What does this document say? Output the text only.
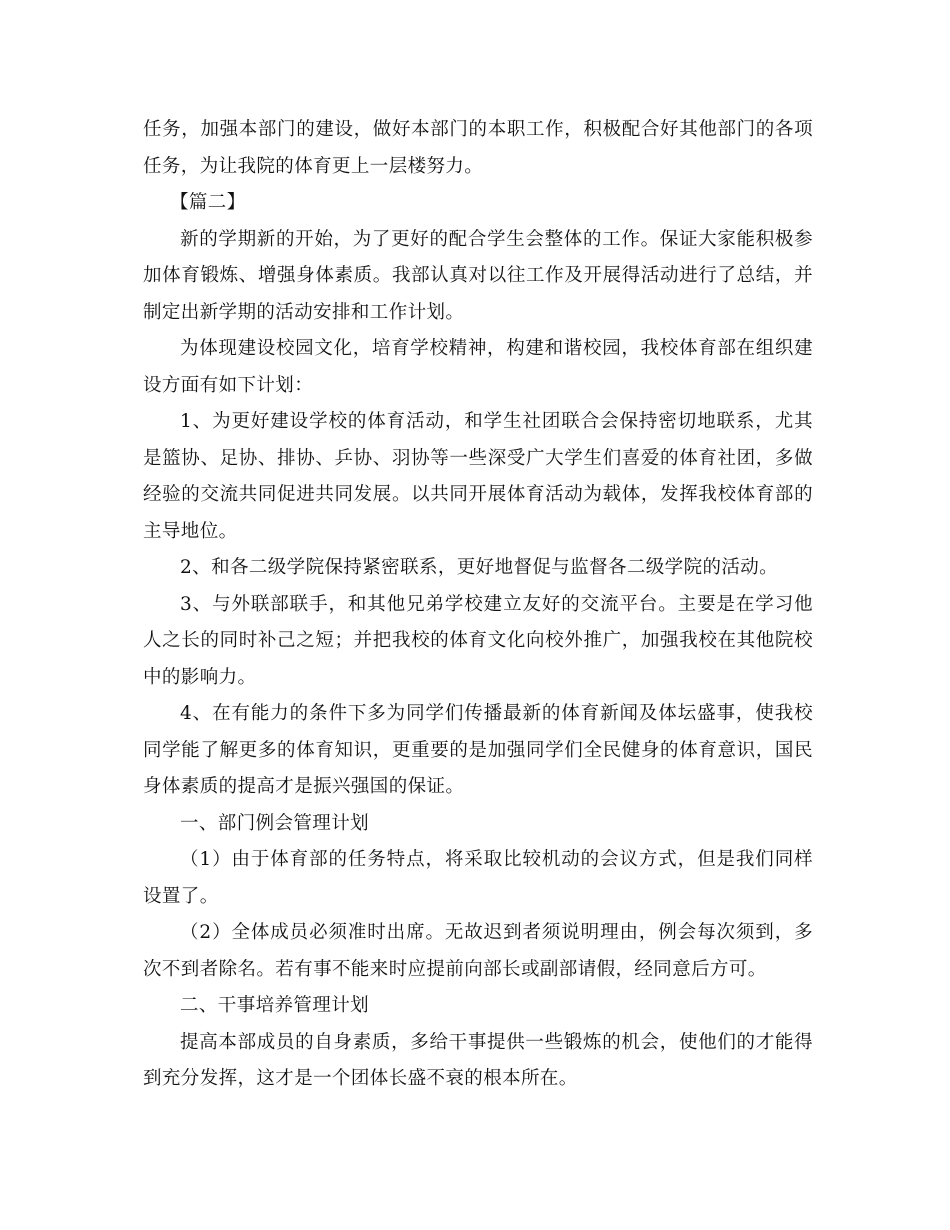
任务，加强本部门的建设，做好本部门的本职工作，积极配合好其他部门的各项任务，为让我院的体育更上一层楼努力。

【篇二】

新的学期新的开始，为了更好的配合学生会整体的工作。保证大家能积极参加体育锻炼、增强身体素质。我部认真对以往工作及开展得活动进行了总结，并制定出新学期的活动安排和工作计划。

为体现建设校园文化，培育学校精神，构建和谐校园，我校体育部在组织建设方面有如下计划：

1、为更好建设学校的体育活动，和学生社团联合会保持密切地联系，尤其是篮协、足协、排协、乒协、羽协等一些深受广大学生们喜爱的体育社团，多做经验的交流共同促进共同发展。以共同开展体育活动为载体，发挥我校体育部的主导地位。

2、和各二级学院保持紧密联系，更好地督促与监督各二级学院的活动。

3、与外联部联手，和其他兄弟学校建立友好的交流平台。主要是在学习他人之长的同时补己之短；并把我校的体育文化向校外推广，加强我校在其他院校中的影响力。

4、在有能力的条件下多为同学们传播最新的体育新闻及体坛盛事，使我校同学能了解更多的体育知识，更重要的是加强同学们全民健身的体育意识，国民身体素质的提高才是振兴强国的保证。

一、部门例会管理计划

（1）由于体育部的任务特点，将采取比较机动的会议方式，但是我们同样设置了。

（2）全体成员必须准时出席。无故迟到者须说明理由，例会每次须到，多次不到者除名。若有事不能来时应提前向部长或副部请假，经同意后方可。

二、干事培养管理计划

提高本部成员的自身素质，多给干事提供一些锻炼的机会，使他们的才能得到充分发挥，这才是一个团体长盛不衰的根本所在。
